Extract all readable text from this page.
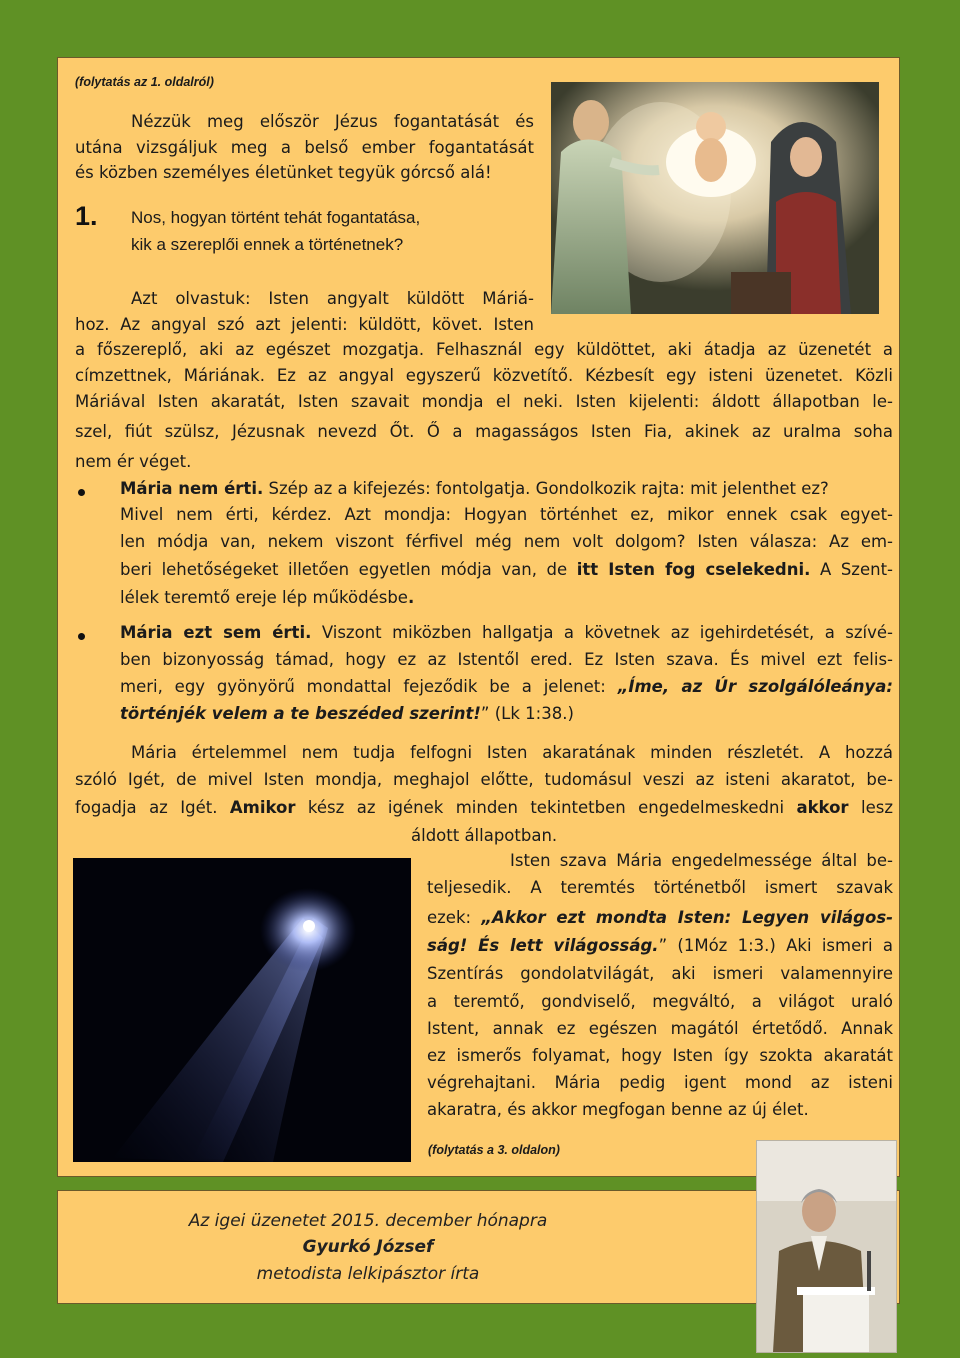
(folytatás az 1. oldalról)
Nézzük meg először Jézus fogantatását és
utána vizsgáljuk meg a belső ember fogantatását
és közben személyes életünket tegyük górcső alá!
1. Nos, hogyan történt tehát fogantatása,
kik a szereplői ennek a történetnek?
Azt olvastuk: Isten angyalt küldött Máriá-
hoz. Az angyal szó azt jelenti: küldött, követ. Isten
a főszereplő, aki az egészet mozgatja. Felhasznál egy küldöttet, aki átadja az üzenetét a
címzettnek, Máriának. Ez az angyal egyszerű közvetítő. Kézbesít egy isteni üzenetet. Közli
Máriával Isten akaratát, Isten szavait mondja el neki. Isten kijelenti: áldott állapotban le-
szel, fiút szülsz, Jézusnak nevezd Őt. Ő a magasságos Isten Fia, akinek az uralma soha
nem ér véget.
Mária nem érti. Szép az a kifejezés: fontolgatja. Gondolkozik rajta: mit jelenthet ez?
Mivel nem érti, kérdez. Azt mondja: Hogyan történhet ez, mikor ennek csak egyet-
len módja van, nekem viszont férfivel még nem volt dolgom? Isten válasza: Az em-
beri lehetőségeket illetően egyetlen módja van, de itt Isten fog cselekedni. A Szent-
lélek teremtő ereje lép működésbe.
Mária ezt sem érti. Viszont miközben hallgatja a követnek az igehirdetését, a szívé-
ben bizonyosság támad, hogy ez az Istentől ered. Ez Isten szava. És mivel ezt felis-
meri, egy gyönyörű mondattal fejeződik be a jelenet: „Íme, az Úr szolgálóleánya:
történjék velem a te beszéded szerint!” (Lk 1:38.)
Mária értelemmel nem tudja felfogni Isten akaratának minden részletét. A hozzá
szóló Igét, de mivel Isten mondja, meghajol előtte, tudomásul veszi az isteni akaratot, be-
fogadja az Igét. Amikor kész az igének minden tekintetben engedelmeskedni akkor lesz
áldott állapotban.
Isten szava Mária engedelmessége által be-
teljesedik. A teremtés történetből ismert szavak
ezek: „Akkor ezt mondta Isten: Legyen világos-
ság! És lett világosság.” (1Móz 1:3.) Aki ismeri a
Szentírás gondolatvilágát, aki ismeri valamennyire
a teremtő, gondviselő, megváltó, a világot uraló
Istent, annak ez egészen magától értetődő. Annak
ez ismerős folyamat, hogy Isten így szokta akaratát
végrehajtani. Mária pedig igent mond az isteni
akaratra, és akkor megfogan benne az új élet.
(folytatás a 3. oldalon)
Az igei üzenetet 2015. december hónapra
Gyurkó József
metodista lelkipásztor írta
